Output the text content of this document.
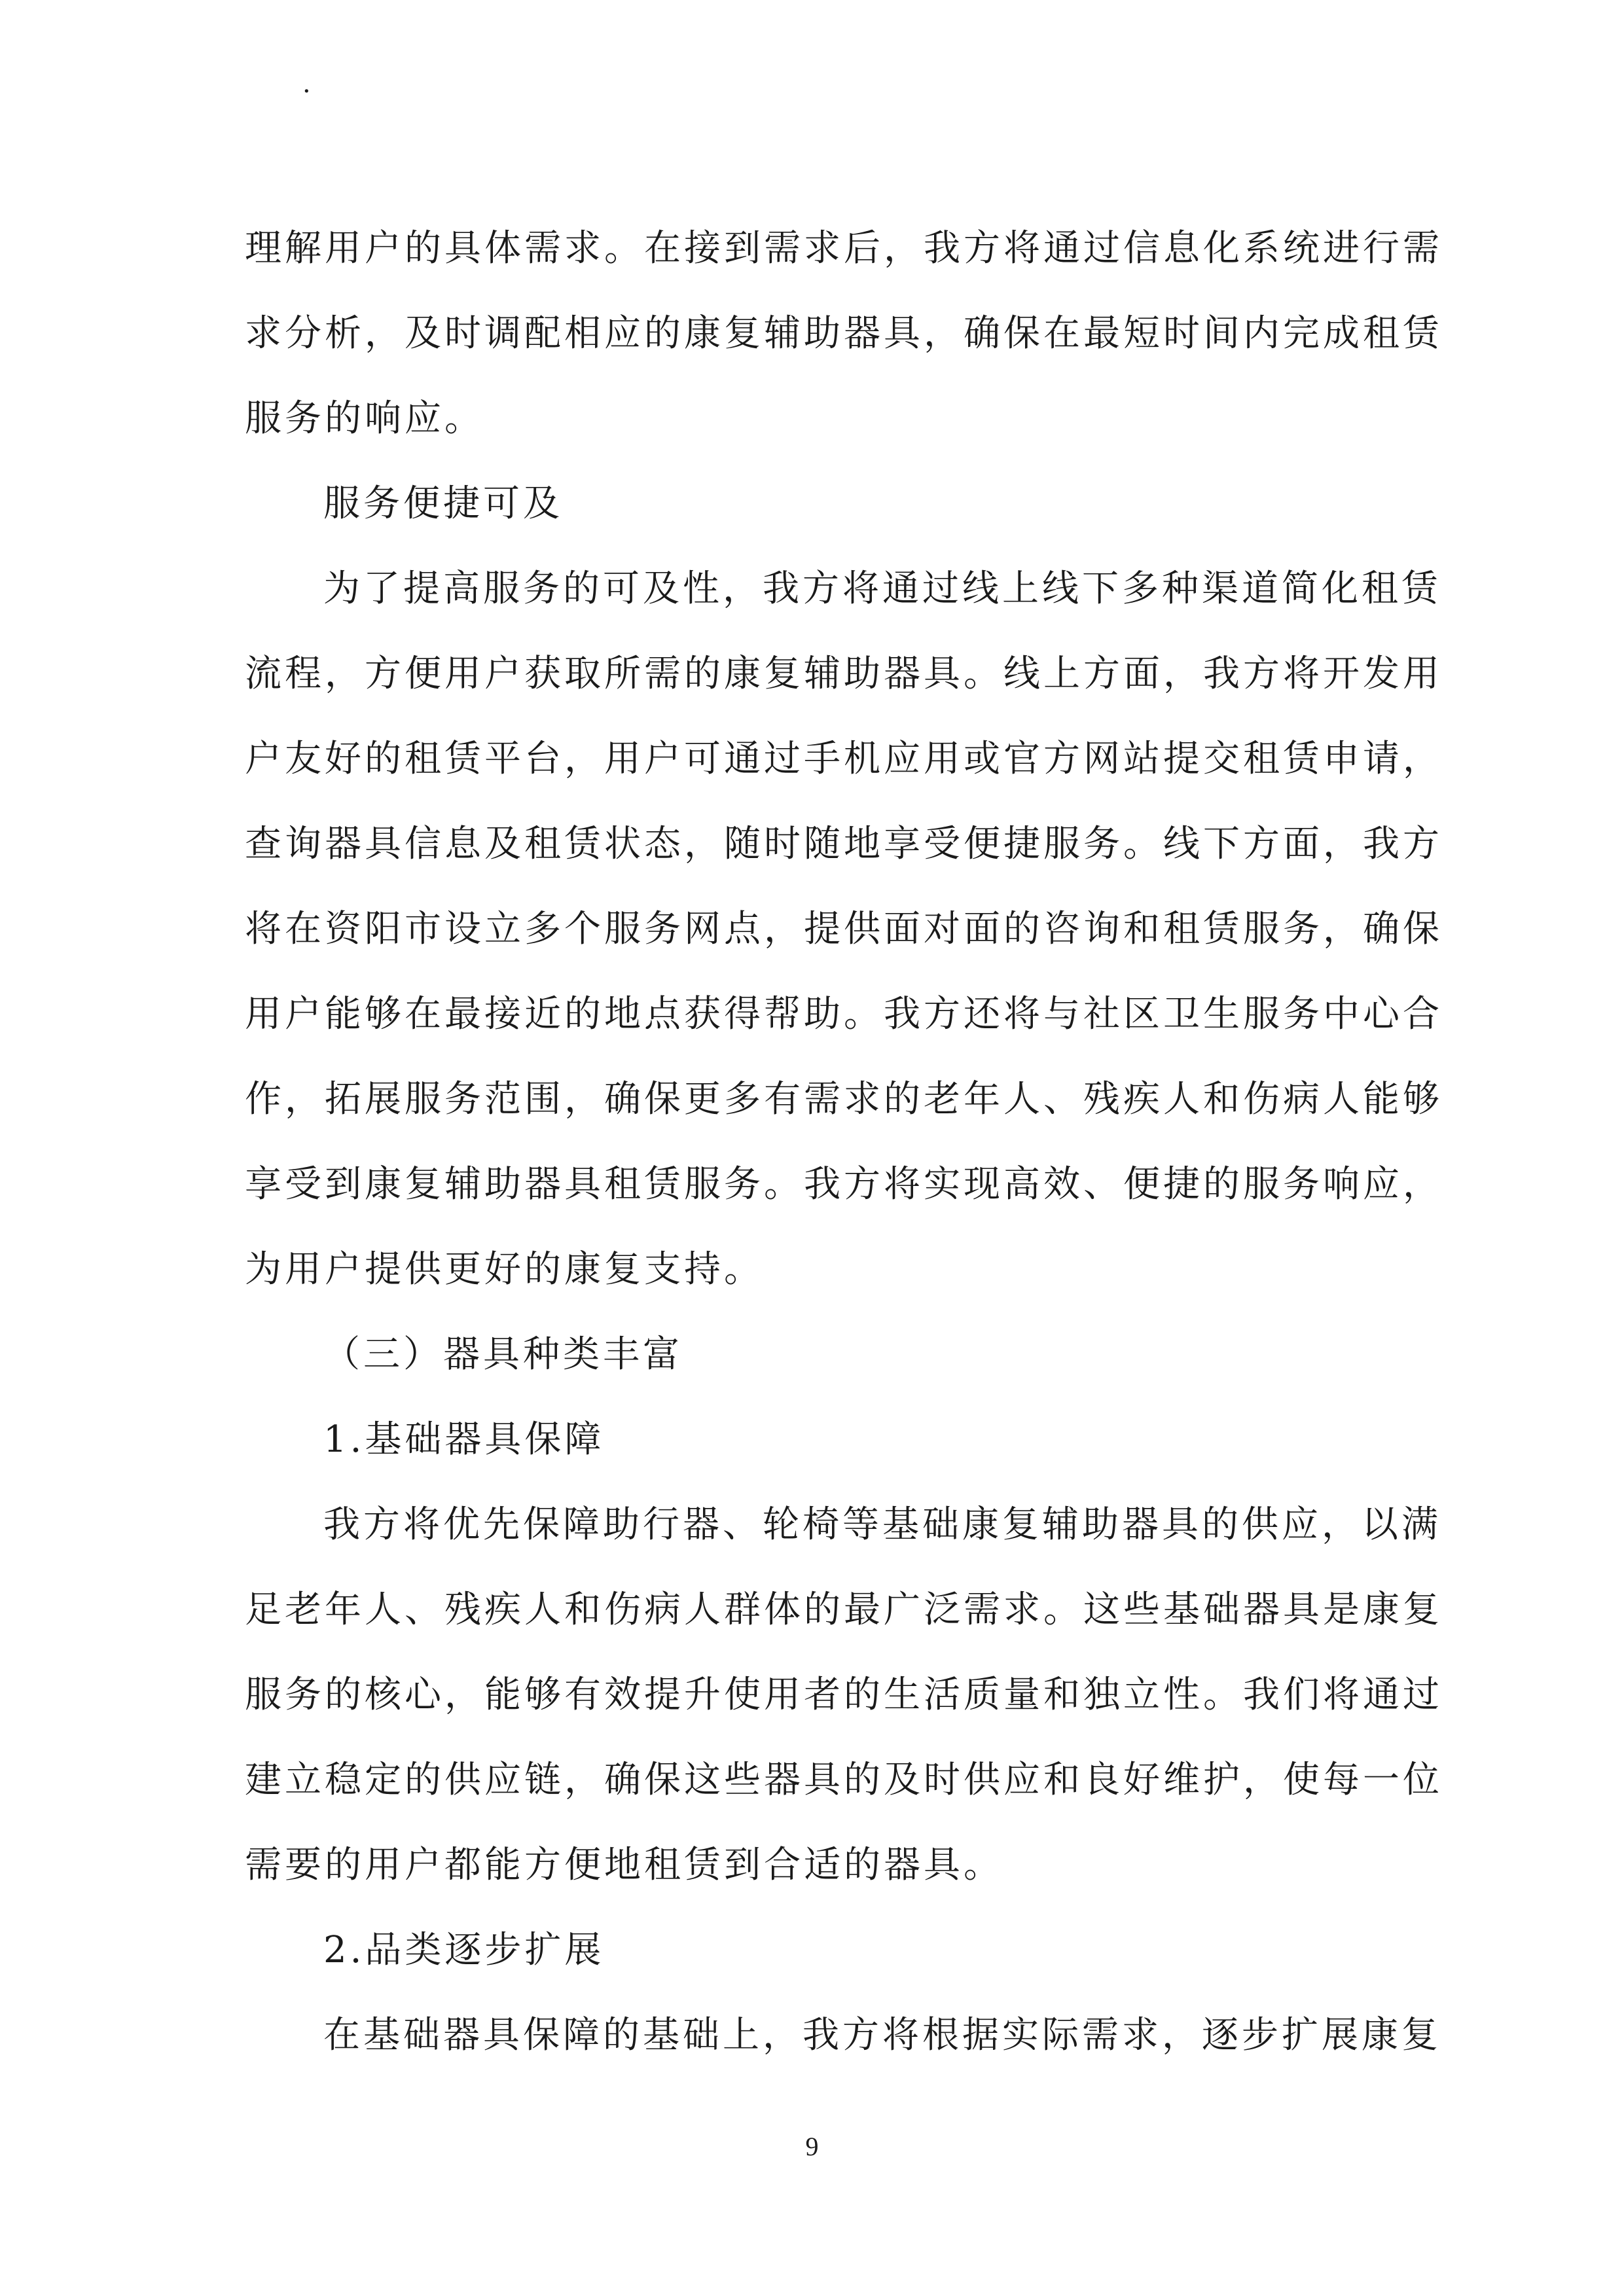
·
理解用户的具体需求。在接到需求后，我方将通过信息化系统进行需
求分析，及时调配相应的康复辅助器具，确保在最短时间内完成租赁
服务的响应。
服务便捷可及
为了提高服务的可及性，我方将通过线上线下多种渠道简化租赁
流程，方便用户获取所需的康复辅助器具。线上方面，我方将开发用
户友好的租赁平台，用户可通过手机应用或官方网站提交租赁申请，
查询器具信息及租赁状态，随时随地享受便捷服务。线下方面，我方
将在资阳市设立多个服务网点，提供面对面的咨询和租赁服务，确保
用户能够在最接近的地点获得帮助。我方还将与社区卫生服务中心合
作，拓展服务范围，确保更多有需求的老年人、残疾人和伤病人能够
享受到康复辅助器具租赁服务。我方将实现高效、便捷的服务响应，
为用户提供更好的康复支持。
（三）器具种类丰富
1.基础器具保障
我方将优先保障助行器、轮椅等基础康复辅助器具的供应，以满
足老年人、残疾人和伤病人群体的最广泛需求。这些基础器具是康复
服务的核心，能够有效提升使用者的生活质量和独立性。我们将通过
建立稳定的供应链，确保这些器具的及时供应和良好维护，使每一位
需要的用户都能方便地租赁到合适的器具。
2.品类逐步扩展
在基础器具保障的基础上，我方将根据实际需求，逐步扩展康复
9
